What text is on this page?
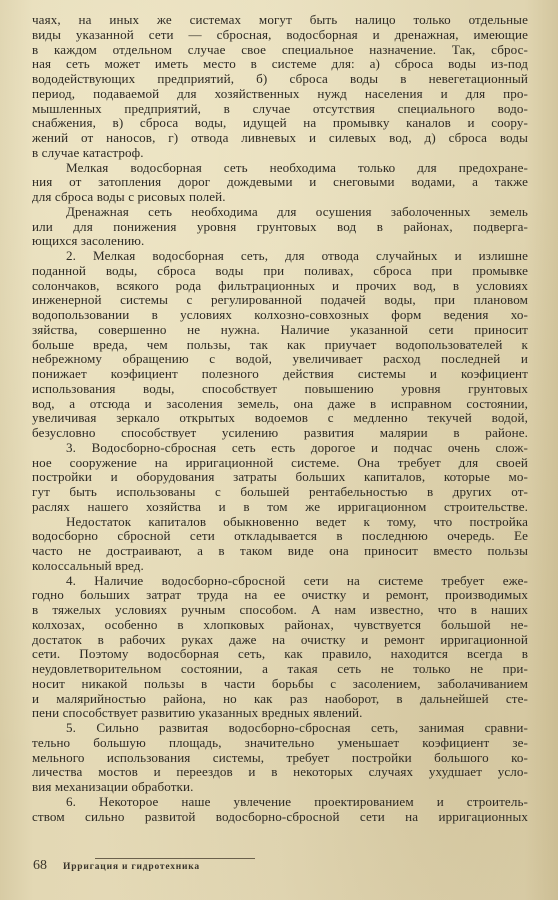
чаях, на иных же системах могут быть налицо только отдельные
виды указанной сети — сбросная, водосборная и дренажная, имеющие
в каждом отдельном случае свое специальное назначение. Так, сброс-
ная сеть может иметь место в системе для: а) сброса воды из-под
вододействующих предприятий, б) сброса воды в невегетационный
период, подаваемой для хозяйственных нужд населения и для про-
мышленных предприятий, в случае отсутствия специального водо-
снабжения, в) сброса воды, идущей на промывку каналов и соору-
жений от наносов, г) отвода ливневых и силевых вод, д) сброса воды
в случае катастроф.
Мелкая водосборная сеть необходима только для предохране-
ния от затопления дорог дождевыми и снеговыми водами, а также
для сброса воды с рисовых полей.
Дренажная сеть необходима для осушения заболоченных земель
или для понижения уровня грунтовых вод в районах, подверга-
ющихся засолению.
2. Мелкая водосборная сеть, для отвода случайных и излишне
поданной воды, сброса воды при поливах, сброса при промывке
солончаков, всякого рода фильтрационных и прочих вод, в условиях
инженерной системы с регулированной подачей воды, при плановом
водопользовании в условиях колхозно-совхозных форм ведения хо-
зяйства, совершенно не нужна. Наличие указанной сети приносит
больше вреда, чем пользы, так как приучает водопользователей к
небрежному обращению с водой, увеличивает расход последней и
понижает коэфициент полезного действия системы и коэфициент
использования воды, способствует повышению уровня грунтовых
вод, а отсюда и засоления земель, она даже в исправном состоянии,
увеличивая зеркало открытых водоемов с медленно текучей водой,
безусловно способствует усилению развития малярии в районе.
3. Водосборно-сбросная сеть есть дорогое и подчас очень слож-
ное сооружение на ирригационной системе. Она требует для своей
постройки и оборудования затраты больших капиталов, которые мо-
гут быть использованы с большей рентабельностью в других от-
раслях нашего хозяйства и в том же ирригационном строительстве.
Недостаток капиталов обыкновенно ведет к тому, что постройка
водосборно сбросной сети откладывается в последнюю очередь. Ее
часто не достраивают, а в таком виде она приносит вместо пользы
колоссальный вред.
4. Наличие водосборно-сбросной сети на системе требует еже-
годно больших затрат труда на ее очистку и ремонт, производимых
в тяжелых условиях ручным способом. А нам известно, что в наших
колхозах, особенно в хлопковых районах, чувствуется большой не-
достаток в рабочих руках даже на очистку и ремонт ирригационной
сети. Поэтому водосборная сеть, как правило, находится всегда в
неудовлетворительном состоянии, а такая сеть не только не при-
носит никакой пользы в части борьбы с засолением, заболачиванием
и малярийностью района, но как раз наоборот, в дальнейшей сте-
пени способствует развитию указанных вредных явлений.
5. Сильно развитая водосборно-сбросная сеть, занимая сравни-
тельно большую площадь, значительно уменьшает коэфициент зе-
мельного использования системы, требует постройки большого ко-
личества мостов и переездов и в некоторых случаях ухудшает усло-
вия механизации обработки.
6. Некоторое наше увлечение проектированием и строитель-
ством сильно развитой водосборно-сбросной сети на ирригационных
68 Ирригация и гидротехника
